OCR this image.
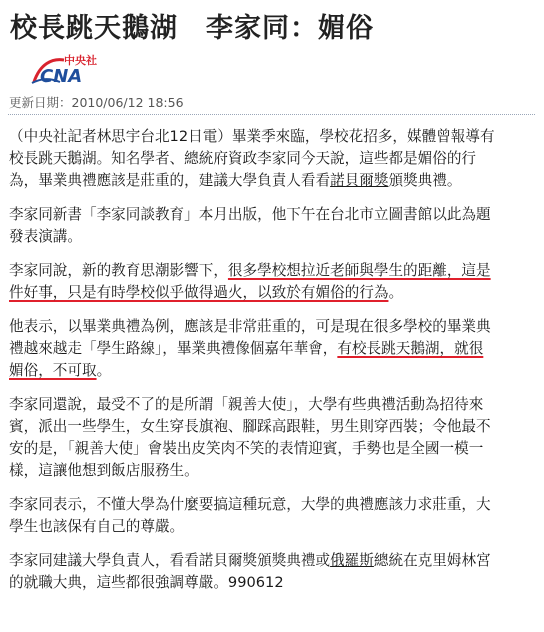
校長跳天鵝湖　李家同：媚俗
中央社
CNA
更新日期：2010/06/12 18:56

（中央社記者林思宇台北12日電）畢業季來臨，學校花招多，媒體曾報導有
校長跳天鵝湖。知名學者、總統府資政李家同今天說，這些都是媚俗的行
為，畢業典禮應該是莊重的，建議大學負責人看看諾貝爾獎頒獎典禮。

李家同新書「李家同談教育」本月出版，他下午在台北市立圖書館以此為題
發表演講。

李家同說，新的教育思潮影響下，很多學校想拉近老師與學生的距離，這是
件好事，只是有時學校似乎做得過火，以致於有媚俗的行為。

他表示，以畢業典禮為例，應該是非常莊重的，可是現在很多學校的畢業典
禮越來越走「學生路線」，畢業典禮像個嘉年華會，有校長跳天鵝湖，就很
媚俗，不可取。

李家同還說，最受不了的是所謂「親善大使」，大學有些典禮活動為招待來
賓，派出一些學生，女生穿長旗袍、腳踩高跟鞋，男生則穿西裝；令他最不
安的是，「親善大使」會裝出皮笑肉不笑的表情迎賓，手勢也是全國一模一
樣，這讓他想到飯店服務生。

李家同表示，不懂大學為什麼要搞這種玩意，大學的典禮應該力求莊重，大
學生也該保有自己的尊嚴。

李家同建議大學負責人，看看諾貝爾獎頒獎典禮或俄羅斯總統在克里姆林宮
的就職大典，這些都很強調尊嚴。990612
